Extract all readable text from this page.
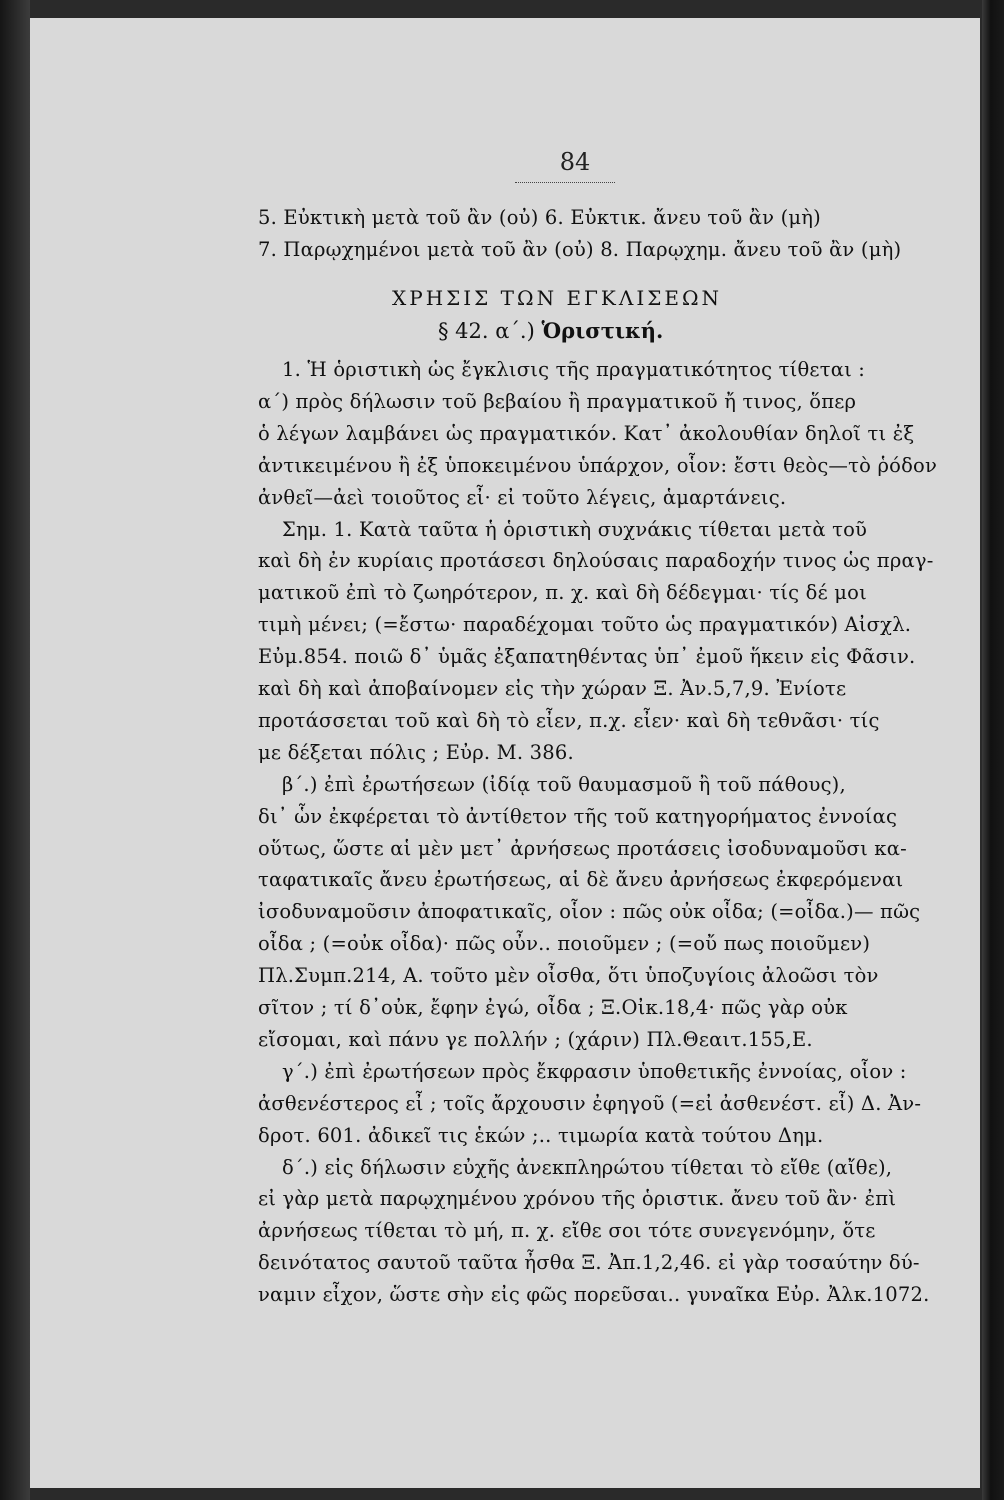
84
5. Εὐκτικὴ μετὰ τοῦ ἂν (οὐ) 6. Εὐκτικ. ἄνευ τοῦ ἂν (μὴ)
7. Παρῳχημένοι μετὰ τοῦ ἂν (οὐ) 8. Παρῳχημ. ἄνευ τοῦ ἂν (μὴ)
ΧΡΗΣΙΣ ΤΩΝ ΕΓΚΛΙΣΕΩΝ
§ 42. α΄.) Ὁριστική.
1. Ἡ ὁριστικὴ ὡς ἔγκλισις τῆς πραγματικότητος τίθεται :
α΄) πρὸς δήλωσιν τοῦ βεβαίου ἢ πραγματικοῦ ἤ τινος, ὅπερ
ὁ λέγων λαμβάνει ὡς πραγματικόν. Κατ᾽ ἀκολουθίαν δηλοῖ τι ἐξ
ἀντικειμένου ἢ ἐξ ὑποκειμένου ὑπάρχον, οἷον: ἔστι θεὸς—τὸ ῥόδον
ἀνθεῖ—ἀεὶ τοιοῦτος εἶ· εἰ τοῦτο λέγεις, ἁμαρτάνεις.
Σημ. 1. Κατὰ ταῦτα ἡ ὁριστικὴ συχνάκις τίθεται μετὰ τοῦ
καὶ δὴ ἐν κυρίαις προτάσεσι δηλούσαις παραδοχήν τινος ὡς πραγ-
ματικοῦ ἐπὶ τὸ ζωηρότερον, π. χ. καὶ δὴ δέδεγμαι· τίς δέ μοι
τιμὴ μένει; (=ἔστω· παραδέχομαι τοῦτο ὡς πραγματικόν) Αἰσχλ.
Εὐμ.854. ποιῶ δ᾽ ὑμᾶς ἐξαπατηθέντας ὑπ᾽ ἐμοῦ ἥκειν εἰς Φᾶσιν.
καὶ δὴ καὶ ἀποβαίνομεν εἰς τὴν χώραν Ξ. Ἀν.5,7,9. Ἐνίοτε
προτάσσεται τοῦ καὶ δὴ τὸ εἶεν, π.χ. εἶεν· καὶ δὴ τεθνᾶσι· τίς
με δέξεται πόλις ; Εὐρ. Μ. 386.
β΄.) ἐπὶ ἐρωτήσεων (ἰδίᾳ τοῦ θαυμασμοῦ ἢ τοῦ πάθους),
δι᾽ ὧν ἐκφέρεται τὸ ἀντίθετον τῆς τοῦ κατηγορήματος ἐννοίας
οὕτως, ὥστε αἱ μὲν μετ᾽ ἀρνήσεως προτάσεις ἰσοδυναμοῦσι κα-
ταφατικαῖς ἄνευ ἐρωτήσεως, αἱ δὲ ἄνευ ἀρνήσεως ἐκφερόμεναι
ἰσοδυναμοῦσιν ἀποφατικαῖς, οἷον : πῶς οὐκ οἶδα; (=οἶδα.)— πῶς
οἶδα ; (=οὐκ οἶδα)· πῶς οὖν.. ποιοῦμεν ; (=οὔ πως ποιοῦμεν)
Πλ.Συμπ.214, Α. τοῦτο μὲν οἶσθα, ὅτι ὑποζυγίοις ἀλοῶσι τὸν
σῖτον ; τί δ᾽οὐκ, ἔφην ἐγώ, οἶδα ; Ξ.Οἰκ.18,4· πῶς γὰρ οὐκ
εἴσομαι, καὶ πάνυ γε πολλήν ; (χάριν) Πλ.Θεαιτ.155,Ε.
γ΄.) ἐπὶ ἐρωτήσεων πρὸς ἔκφρασιν ὑποθετικῆς ἐννοίας, οἷον :
ἀσθενέστερος εἶ ; τοῖς ἄρχουσιν ἐφηγοῦ (=εἰ ἀσθενέστ. εἶ) Δ. Ἀν-
δροτ. 601. ἀδικεῖ τις ἑκών ;.. τιμωρία κατὰ τούτου Δημ.
δ΄.) εἰς δήλωσιν εὐχῆς ἀνεκπληρώτου τίθεται τὸ εἴθε (αἴθε),
εἰ γὰρ μετὰ παρῳχημένου χρόνου τῆς ὁριστικ. ἄνευ τοῦ ἂν· ἐπὶ
ἀρνήσεως τίθεται τὸ μή, π. χ. εἴθε σοι τότε συνεγενόμην, ὅτε
δεινότατος σαυτοῦ ταῦτα ἦσθα Ξ. Ἀπ.1,2,46. εἰ γὰρ τοσαύτην δύ-
ναμιν εἶχον, ὥστε σὴν εἰς φῶς πορεῦσαι.. γυναῖκα Εὐρ. Ἀλκ.1072.
